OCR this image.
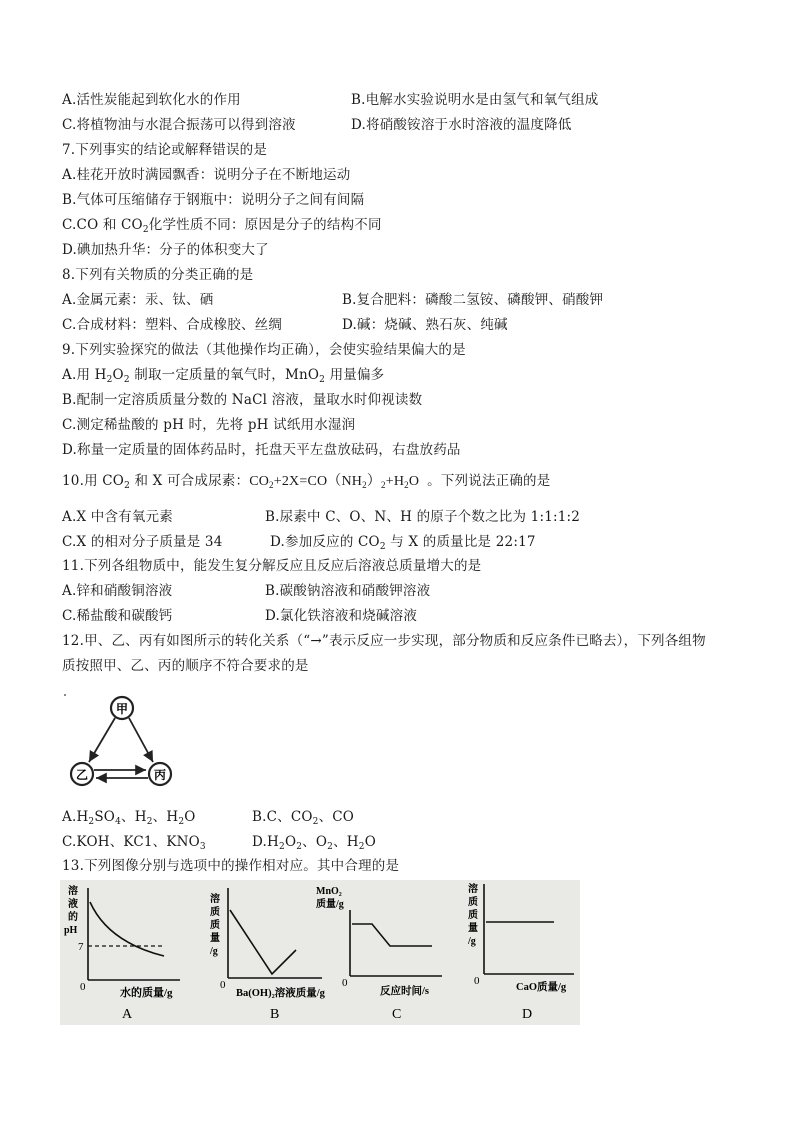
A.活性炭能起到软化水的作用	B.电解水实验说明水是由氢气和氧气组成
C.将植物油与水混合振荡可以得到溶液	D.将硝酸铵溶于水时溶液的温度降低
7.下列事实的结论或解释错误的是
A.桂花开放时满园飘香：说明分子在不断地运动
B.气体可压缩储存于钢瓶中：说明分子之间有间隔
C.CO 和 $CO_2$化学性质不同：原因是分子的结构不同
D.碘加热升华：分子的体积变大了
8.下列有关物质的分类正确的是
A.金属元素：汞、钛、硒	B.复合肥料：磷酸二氢铵、磷酸钾、硝酸钾
C.合成材料：塑料、合成橡胶、丝绸	D.碱：烧碱、熟石灰、纯碱
9.下列实验探究的做法（其他操作均正确），会使实验结果偏大的是
A.用 $H_2O_2$ 制取一定质量的氧气时，MnO$_2$ 用量偏多
B.配制一定溶质质量分数的 NaCl 溶液，量取水时仰视读数
C.测定稀盐酸的 pH 时，先将 pH 试纸用水湿润
D.称量一定质量的固体药品时，托盘天平左盘放砝码，右盘放药品
10.用 $CO_2$ 和 X 可合成尿素：$CO_2+2X=CO(NH_2)_2+H_2O$ 。下列说法正确的是
A.X 中含有氧元素	B.尿素中 C、O、N、H 的原子个数之比为 1:1:1:2
C.X 的相对分子质量是 34	D.参加反应的 $CO_2$ 与 X 的质量比是 22:17
11.下列各组物质中，能发生复分解反应且反应后溶液总质量增大的是
A.锌和硝酸铜溶液	B.碳酸钠溶液和硝酸钾溶液
C.稀盐酸和碳酸钙	D.氯化铁溶液和烧碱溶液
12.甲、乙、丙有如图所示的转化关系（“→”表示反应一步实现，部分物质和反应条件已略去），下列各组物
质按照甲、乙、丙的顺序不符合要求的是
甲
乙	丙
$A.H_2SO_4$、$H_2$、$H_2O$	B.C、$CO_2$、CO
C.KOH、KC1、$KNO_3$	$D.H_2O_2$、$O_2$、$H_2O$
13.下列图像分别与选项中的操作相对应。其中合理的是
溶
液
的
pH
7
0	水的质量/g
A
溶
质
质
量
/g
0
Ba(OH)₂溶液质量/g
B
MnO₂
质量/g
0
反应时间/s
C
溶
质
质
量
/g
0
CaO质量/g
D
